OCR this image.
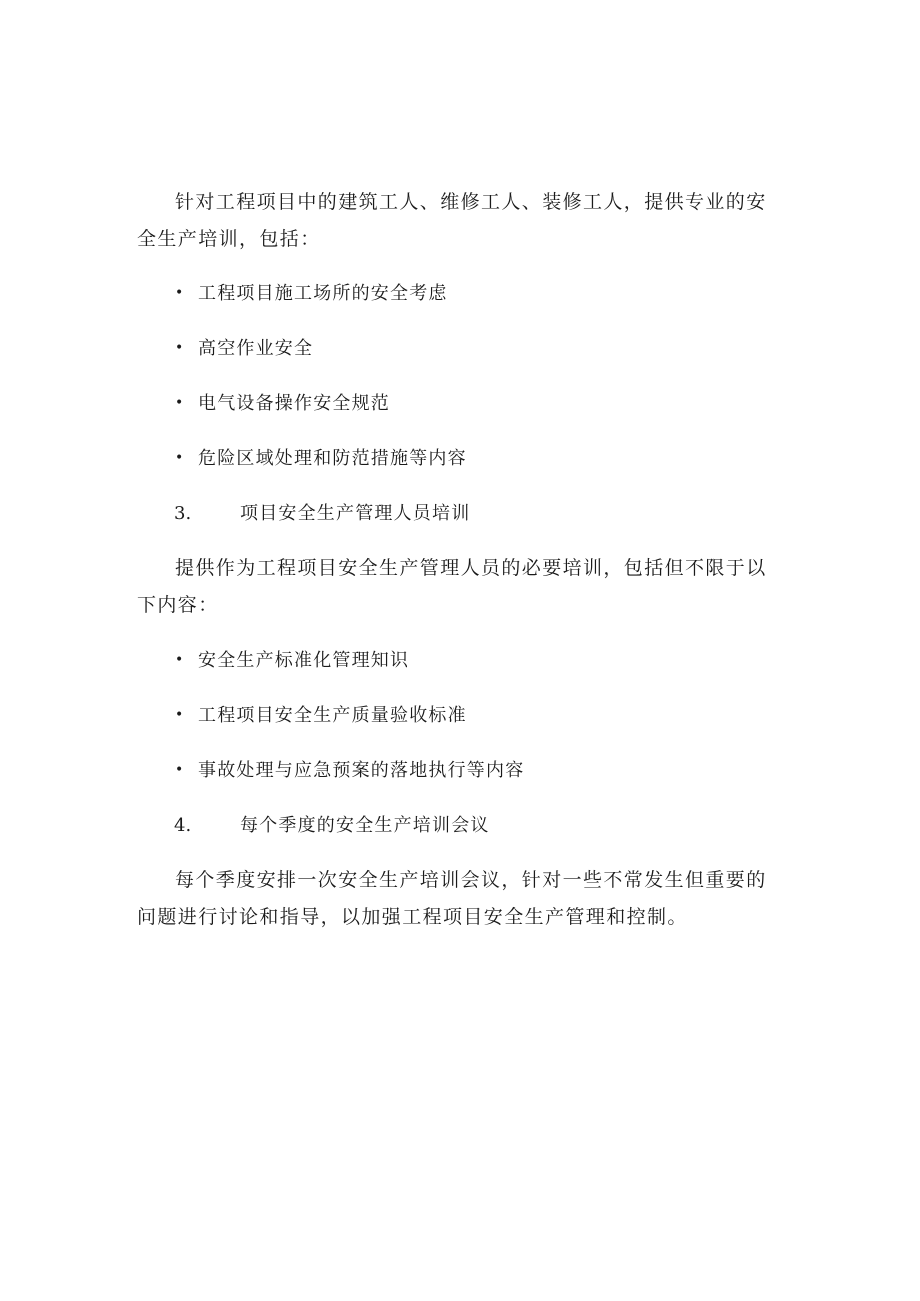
针对工程项目中的建筑工人、维修工人、装修工人，提供专业的安全生产培训，包括：

• 工程项目施工场所的安全考虑
• 高空作业安全
• 电气设备操作安全规范
• 危险区域处理和防范措施等内容
3.	项目安全生产管理人员培训

提供作为工程项目安全生产管理人员的必要培训，包括但不限于以下内容：

• 安全生产标准化管理知识
• 工程项目安全生产质量验收标准
• 事故处理与应急预案的落地执行等内容
4.	每个季度的安全生产培训会议

每个季度安排一次安全生产培训会议，针对一些不常发生但重要的问题进行讨论和指导，以加强工程项目安全生产管理和控制。
